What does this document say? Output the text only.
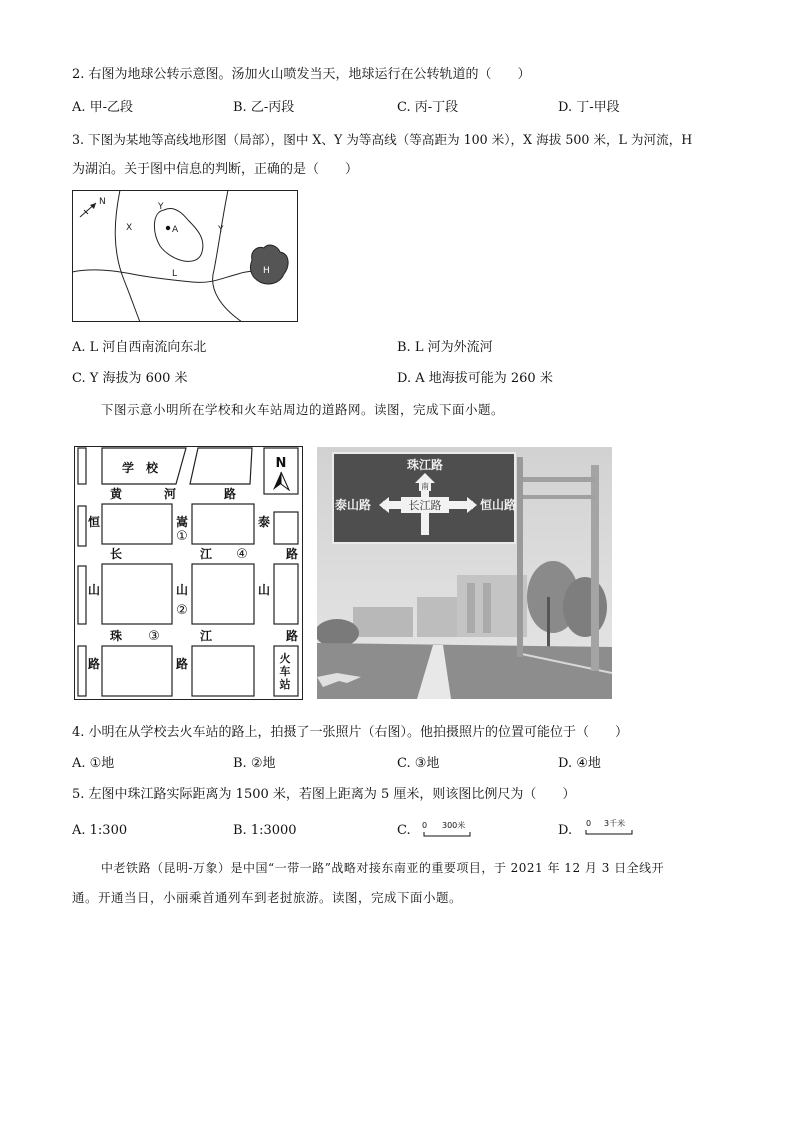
2. 右图为地球公转示意图。汤加火山喷发当天，地球运行在公转轨道的（　　）
A. 甲-乙段	B. 乙-丙段	C. 丙-丁段	D. 丁-甲段
3. 下图为某地等高线地形图（局部），图中 X、Y 为等高线（等高距为 100 米），X 海拔 500 米，L 为河流，H
为湖泊。关于图中信息的判断，正确的是（　　）
N
X
Y
A	Y
L	H
A. L 河自西南流向东北	B. L 河为外流河
C. Y 海拔为 600 米	D. A 地海拔可能为 260 米
下图示意小明所在学校和火车站周边的道路网。读图，完成下面小题。
N
学　校
黄	河	路
恒
山
路
嵩
山
路
泰
山
路
长	江
珠	江	路
火
车
站
①
②
③
④
珠江路
泰山路	恒山路
长江路
南
东	西
4. 小明在从学校去火车站的路上，拍摄了一张照片（右图）。他拍摄照片的位置可能位于（　　）
A. ①地	B. ②地	C. ③地	D. ④地
5. 左图中珠江路实际距离为 1500 米，若图上距离为 5 厘米，则该图比例尺为（　　）
A. 1:300	B. 1:3000	C. 0 300米	D. 0 3千米
中老铁路（昆明-万象）是中国“一带一路”战略对接东南亚的重要项目，于 2021 年 12 月 3 日全线开
通。开通当日，小丽乘首通列车到老挝旅游。读图，完成下面小题。
